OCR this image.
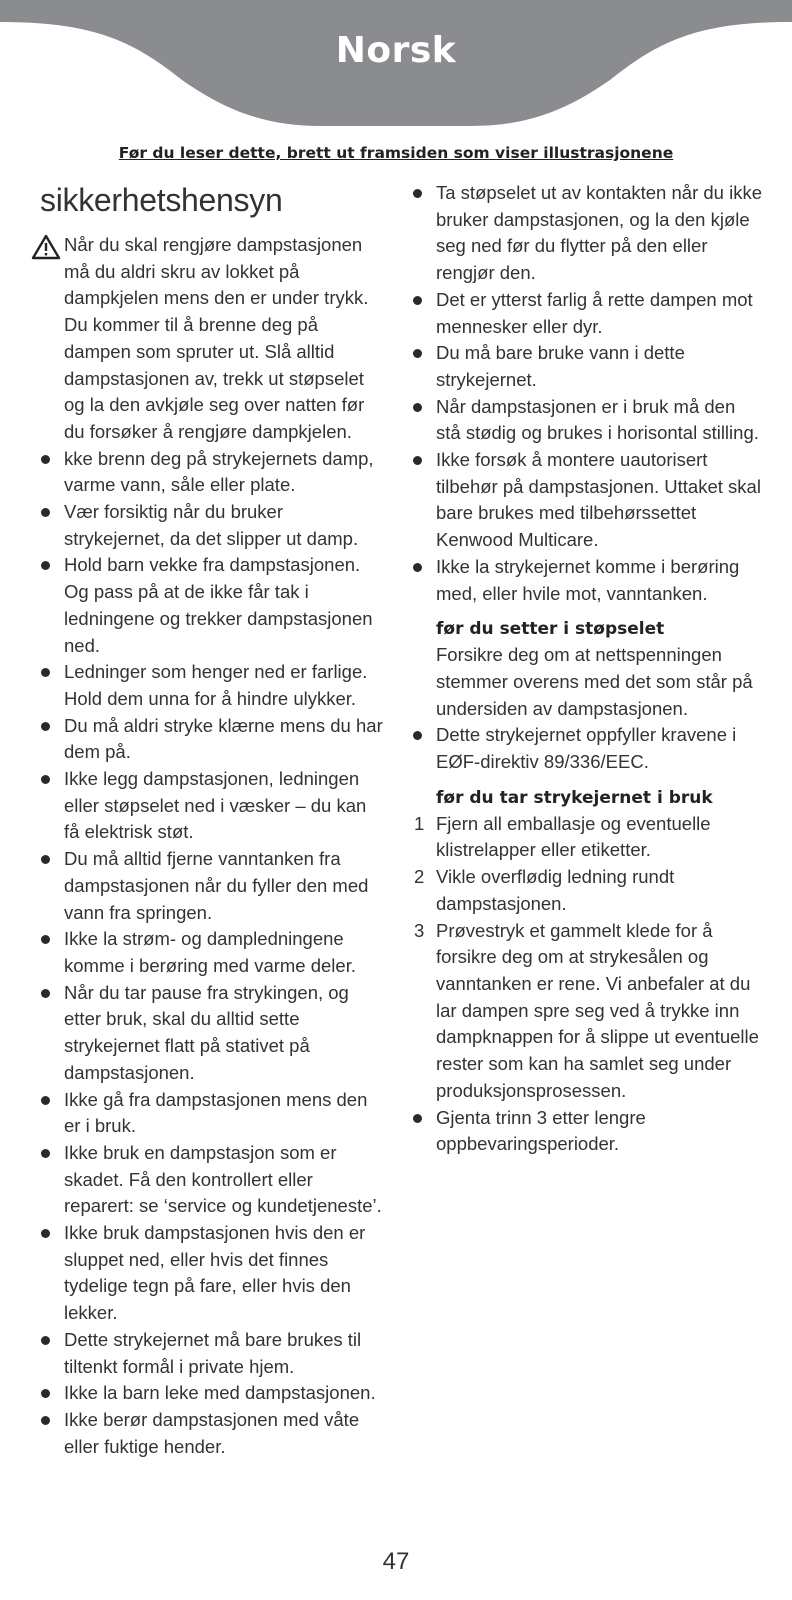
Norsk
Før du leser dette, brett ut framsiden som viser illustrasjonene
sikkerhetshensyn

Når du skal rengjøre dampstasjonen må du aldri skru av lokket på dampkjelen mens den er under trykk. Du kommer til å brenne deg på dampen som spruter ut. Slå alltid dampstasjonen av, trekk ut støpselet og la den avkjøle seg over natten før du forsøker å rengjøre dampkjelen.

kke brenn deg på strykejernets damp, varme vann, såle eller plate.

Vær forsiktig når du bruker strykejernet, da det slipper ut damp.

Hold barn vekke fra dampstasjonen. Og pass på at de ikke får tak i ledningene og trekker dampstasjonen ned.

Ledninger som henger ned er farlige. Hold dem unna for å hindre ulykker.

Du må aldri stryke klærne mens du har dem på.

Ikke legg dampstasjonen, ledningen eller støpselet ned i væsker – du kan få elektrisk støt.

Du må alltid fjerne vanntanken fra dampstasjonen når du fyller den med vann fra springen.

Ikke la strøm- og dampledningene komme i berøring med varme deler.

Når du tar pause fra strykingen, og etter bruk, skal du alltid sette strykejernet flatt på stativet på dampstasjonen.

Ikke gå fra dampstasjonen mens den er i bruk.

Ikke bruk en dampstasjon som er skadet. Få den kontrollert eller reparert: se ‘service og kundetjeneste’.

Ikke bruk dampstasjonen hvis den er sluppet ned, eller hvis det finnes tydelige tegn på fare, eller hvis den lekker.

Dette strykejernet må bare brukes til tiltenkt formål i private hjem.

Ikke la barn leke med dampstasjonen.

Ikke berør dampstasjonen med våte eller fuktige hender.

Ta støpselet ut av kontakten når du ikke bruker dampstasjonen, og la den kjøle seg ned før du flytter på den eller rengjør den.

Det er ytterst farlig å rette dampen mot mennesker eller dyr.

Du må bare bruke vann i dette strykejernet.

Når dampstasjonen er i bruk må den stå stødig og brukes i horisontal stilling.

Ikke forsøk å montere uautorisert tilbehør på dampstasjonen. Uttaket skal bare brukes med tilbehørssettet Kenwood Multicare.

Ikke la strykejernet komme i berøring med, eller hvile mot, vanntanken.

før du setter i støpselet

Forsikre deg om at nettspenningen stemmer overens med det som står på undersiden av dampstasjonen.

Dette strykejernet oppfyller kravene i EØF-direktiv 89/336/EEC.

før du tar strykejernet i bruk

1 Fjern all emballasje og eventuelle klistrelapper eller etiketter.

2 Vikle overflødig ledning rundt dampstasjonen.

3 Prøvestryk et gammelt klede for å forsikre deg om at strykesålen og vanntanken er rene. Vi anbefaler at du lar dampen spre seg ved å trykke inn dampknappen for å slippe ut eventuelle rester som kan ha samlet seg under produksjonsprosessen.

Gjenta trinn 3 etter lengre oppbevaringsperioder.

47
